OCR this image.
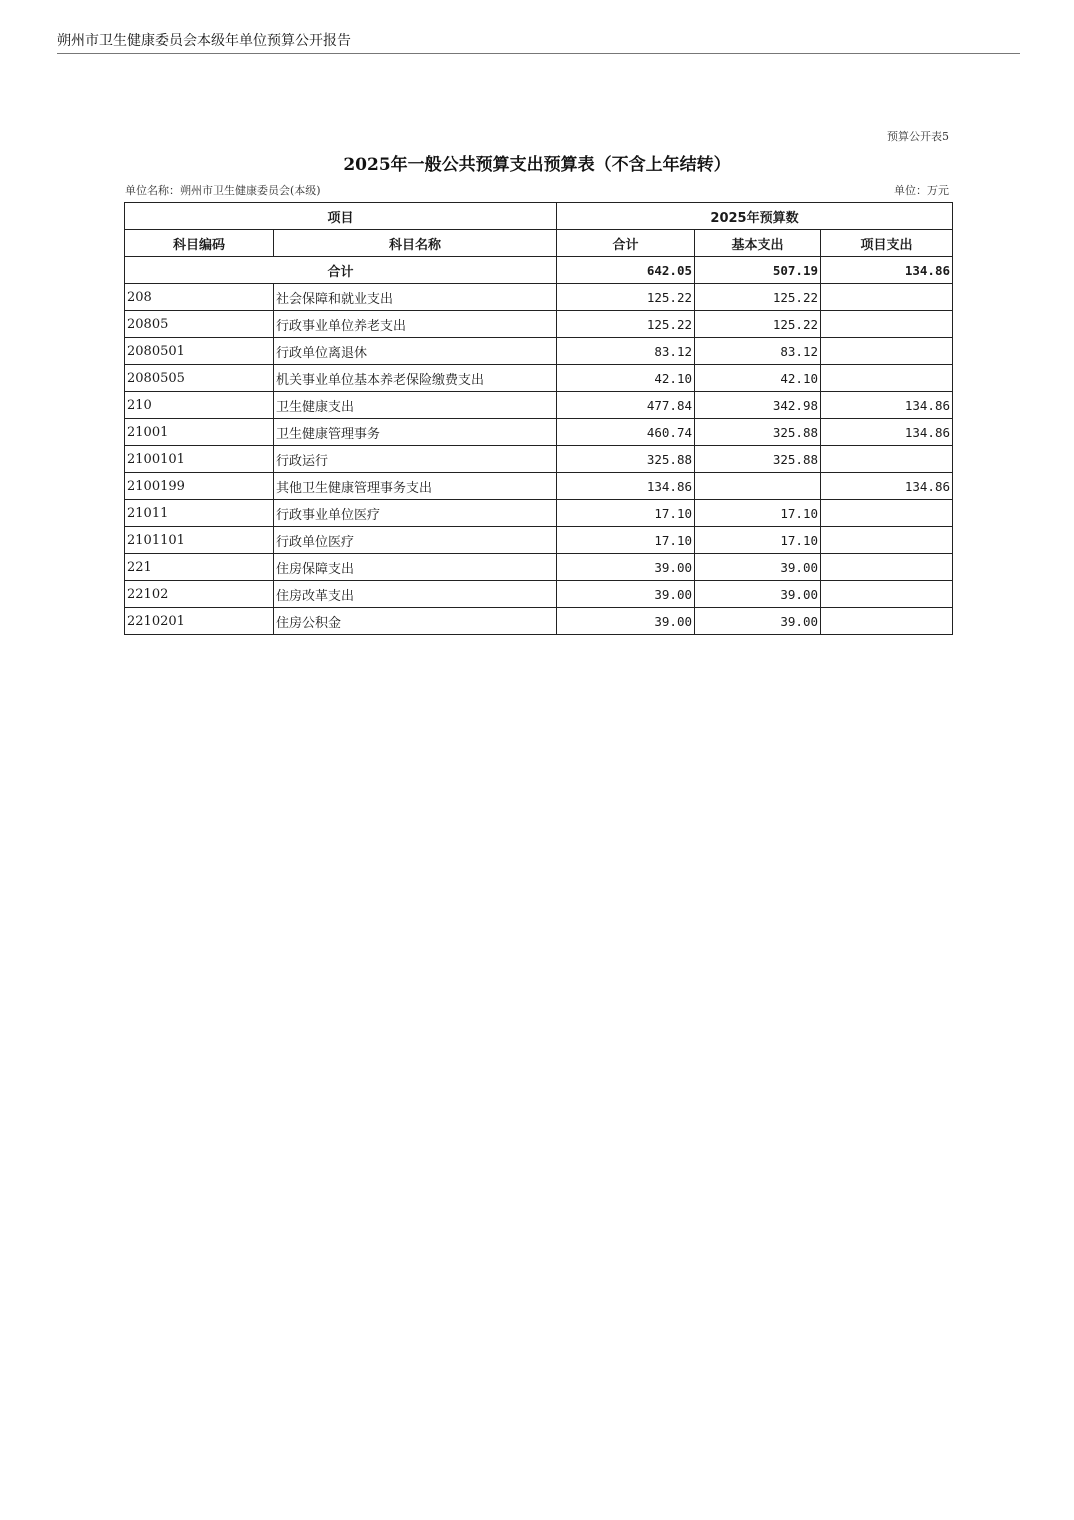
朔州市卫生健康委员会本级年单位预算公开报告
预算公开表5
2025年一般公共预算支出预算表（不含上年结转）
单位名称：朔州市卫生健康委员会(本级)	单位：万元
项目		2025年预算数		
科目编码	科目名称	合计	基本支出	项目支出
合计		642.05	507.19	134.86
208	社会保障和就业支出	125.22	125.22	
20805	行政事业单位养老支出	125.22	125.22	
2080501	行政单位离退休	83.12	83.12	
2080505	机关事业单位基本养老保险缴费支出	42.10	42.10	
210	卫生健康支出	477.84	342.98	134.86
21001	卫生健康管理事务	460.74	325.88	134.86
2100101	行政运行	325.88	325.88	
2100199	其他卫生健康管理事务支出	134.86		134.86
21011	行政事业单位医疗	17.10	17.10	
2101101	行政单位医疗	17.10	17.10	
221	住房保障支出	39.00	39.00	
22102	住房改革支出	39.00	39.00	
2210201	住房公积金	39.00	39.00	
